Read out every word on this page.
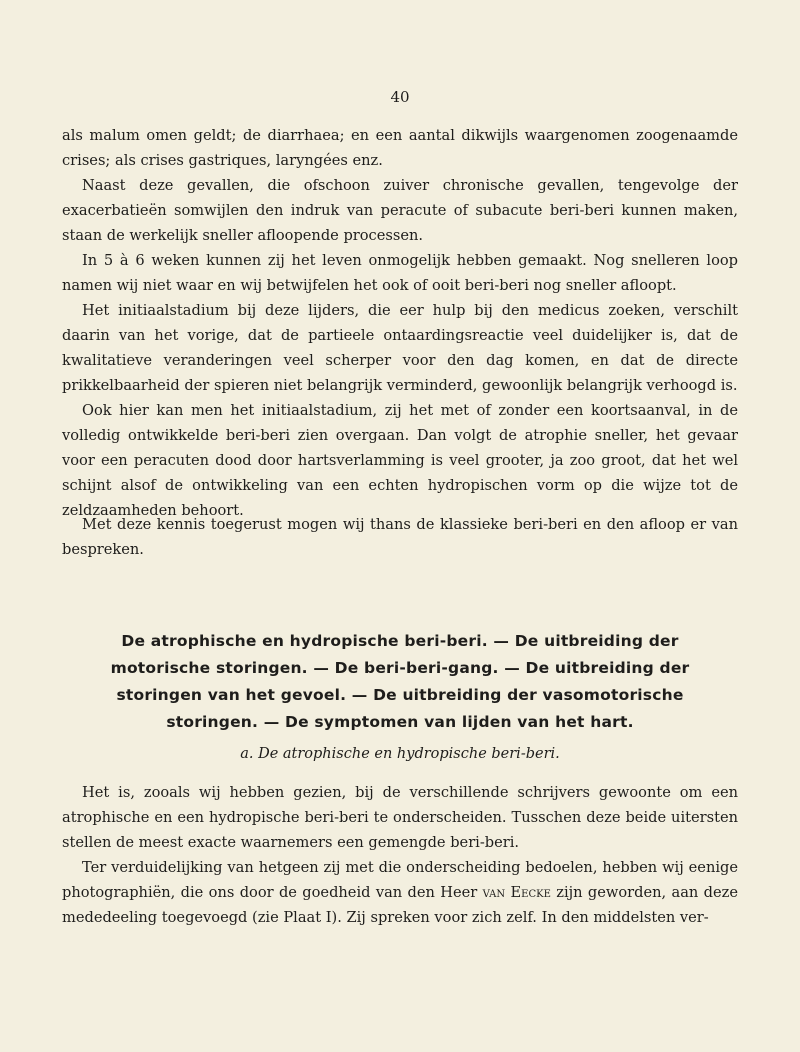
40

als malum omen geldt; de diarrhaea; en een aantal dikwijls waargenomen zoogenaamde crises; als crises gastriques, laryngées enz.

Naast deze gevallen, die ofschoon zuiver chronische gevallen, tengevolge der exacerbatieën somwijlen den indruk van peracute of subacute beri-beri kunnen maken, staan de werkelijk sneller afloopende processen.

In 5 à 6 weken kunnen zij het leven onmogelijk hebben gemaakt. Nog snelleren loop namen wij niet waar en wij betwijfelen het ook of ooit beri-beri nog sneller afloopt.

Het initiaalstadium bij deze lijders, die eer hulp bij den medicus zoeken, verschilt daarin van het vorige, dat de partieele ontaardingsreactie veel duidelijker is, dat de kwalitatieve veranderingen veel scherper voor den dag komen, en dat de directe prikkelbaarheid der spieren niet belangrijk verminderd, gewoonlijk belangrijk verhoogd is.

Ook hier kan men het initiaalstadium, zij het met of zonder een koortsaanval, in de volledig ontwikkelde beri-beri zien overgaan. Dan volgt de atrophie sneller, het gevaar voor een peracuten dood door hartsverlamming is veel grooter, ja zoo groot, dat het wel schijnt alsof de ontwikkeling van een echten hydropischen vorm op die wijze tot de zeldzaamheden behoort.

Met deze kennis toegerust mogen wij thans de klassieke beri-beri en den afloop er van bespreken.

De atrophische en hydropische beri-beri. — De uitbreiding der motorische storingen. — De beri-beri-gang. — De uitbreiding der storingen van het gevoel. — De uitbreiding der vasomotorische storingen. — De symptomen van lijden van het hart.
a. De atrophische en hydropische beri-beri.

Het is, zooals wij hebben gezien, bij de verschillende schrijvers gewoonte om een atrophische en een hydropische beri-beri te onderscheiden. Tusschen deze beide uitersten stellen de meest exacte waarnemers een gemengde beri-beri.

Ter verduidelijking van hetgeen zij met die onderscheiding bedoelen, hebben wij eenige photographiën, die ons door de goedheid van den Heer van Eecke zijn geworden, aan deze mededeeling toegevoegd (zie Plaat I). Zij spreken voor zich zelf. In den middelsten ver-
